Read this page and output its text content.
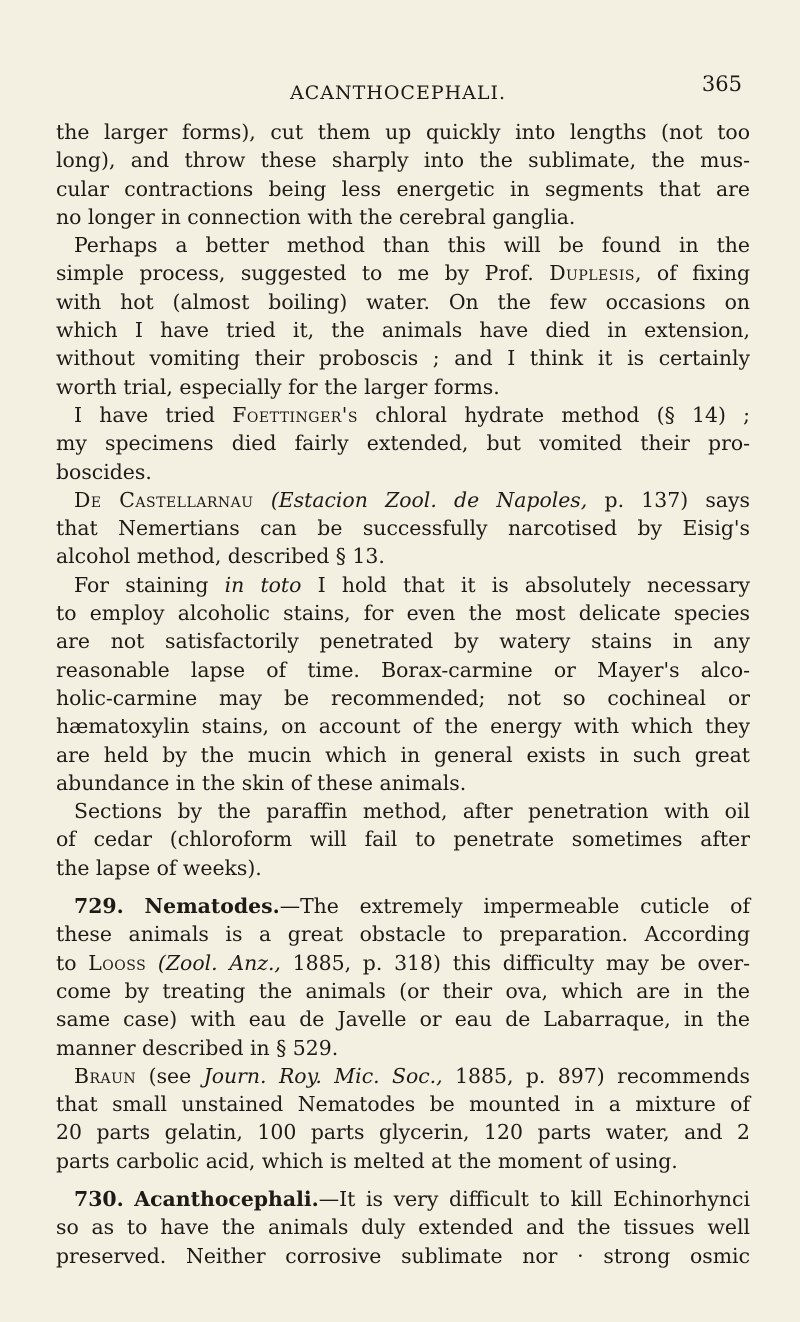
ACANTHOCEPHALI.	365
the larger forms), cut them up quickly into lengths (not too
long), and throw these sharply into the sublimate, the mus-
cular contractions being less energetic in segments that are
no longer in connection with the cerebral ganglia.
Perhaps a better method than this will be found in the
simple process, suggested to me by Prof. Duplesis, of fixing
with hot (almost boiling) water. On the few occasions on
which I have tried it, the animals have died in extension,
without vomiting their proboscis ; and I think it is certainly
worth trial, especially for the larger forms.
I have tried Foettinger's chloral hydrate method (§ 14) ;
my specimens died fairly extended, but vomited their pro-
boscides.
De Castellarnau (Estacion Zool. de Napoles, p. 137) says
that Nemertians can be successfully narcotised by Eisig's
alcohol method, described § 13.
For staining in toto I hold that it is absolutely necessary
to employ alcoholic stains, for even the most delicate species
are not satisfactorily penetrated by watery stains in any
reasonable lapse of time. Borax-carmine or Mayer's alco-
holic-carmine may be recommended; not so cochineal or
hæmatoxylin stains, on account of the energy with which they
are held by the mucin which in general exists in such great
abundance in the skin of these animals.
Sections by the paraffin method, after penetration with oil
of cedar (chloroform will fail to penetrate sometimes after
the lapse of weeks).
729. Nematodes.—The extremely impermeable cuticle of
these animals is a great obstacle to preparation. According
to Looss (Zool. Anz., 1885, p. 318) this difficulty may be over-
come by treating the animals (or their ova, which are in the
same case) with eau de Javelle or eau de Labarraque, in the
manner described in § 529.
Braun (see Journ. Roy. Mic. Soc., 1885, p. 897) recommends
that small unstained Nematodes be mounted in a mixture of
20 parts gelatin, 100 parts glycerin, 120 parts water, and 2
parts carbolic acid, which is melted at the moment of using.
730. Acanthocephali.—It is very difficult to kill Echinorhynci
so as to have the animals duly extended and the tissues well
preserved. Neither corrosive sublimate nor · strong osmic
